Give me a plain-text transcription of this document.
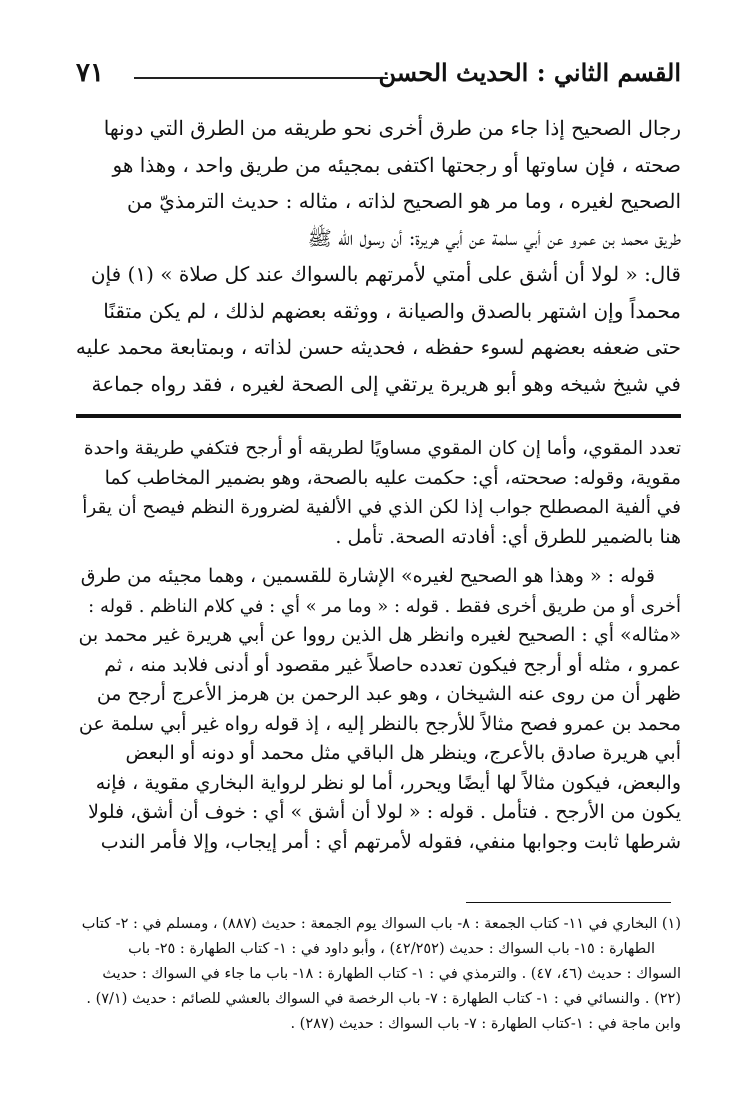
٧١	القسم الثاني : الحديث الحسن

رجال الصحيح إذا جاء من طرق أخرى نحو طريقه من الطرق التي دونها

صحته ، فإن ساوتها أو رجحتها اكتفى بمجيئه من طريق واحد ، وهذا هو

الصحيح لغيره ، وما مر هو الصحيح لذاته ، مثاله : حديث الترمذيّ من

طريق محمد بن عمرو عن أبي سلمة عن أبي هريرة: أن رسول الله ﷺ

قال: « لولا أن أشق على أمتي لأمرتهم بالسواك عند كل صلاة » (١) فإن

محمداً وإن اشتهر بالصدق والصيانة ، ووثقه بعضهم لذلك ، لم يكن متقنًا

حتى ضعفه بعضهم لسوء حفظه ، فحديثه حسن لذاته ، وبمتابعة محمد عليه

في شيخ شيخه وهو أبو هريرة يرتقي إلى الصحة لغيره ، فقد رواه جماعة

تعدد المقوي، وأما إن كان المقوي مساويًا لطريقه أو أرجح فتكفي طريقة واحدة

مقوية، وقوله: صححته، أي: حكمت عليه بالصحة، وهو بضمير المخاطب كما

في ألفية المصطلح جواب إذا لكن الذي في الألفية لضرورة النظم فيصح أن يقرأ

هنا بالضمير للطرق أي: أفادته الصحة. تأمل .

قوله : « وهذا هو الصحيح لغيره» الإشارة للقسمين ، وهما مجيئه من طرق

أخرى أو من طريق أخرى فقط . قوله : « وما مر » أي : في كلام الناظم . قوله :

«مثاله» أي : الصحيح لغيره وانظر هل الذين رووا عن أبي هريرة غير محمد بن

عمرو ، مثله أو أرجح فيكون تعدده حاصلاً غير مقصود أو أدنى فلابد منه ، ثم

ظهر أن من روى عنه الشيخان ، وهو عبد الرحمن بن هرمز الأعرج أرجح من

محمد بن عمرو فصح مثالاً للأرجح بالنظر إليه ، إذ قوله رواه غير أبي سلمة عن

أبي هريرة صادق بالأعرج، وينظر هل الباقي مثل محمد أو دونه أو البعض

والبعض، فيكون مثالاً لها أيضًا ويحرر، أما لو نظر لرواية البخاري مقوية ، فإنه

يكون من الأرجح . فتأمل . قوله : « لولا أن أشق » أي : خوف أن أشق، فلولا

شرطها ثابت وجوابها منفي، فقوله لأمرتهم أي : أمر إيجاب، وإلا فأمر الندب

(١) البخاري في ١١- كتاب الجمعة : ٨- باب السواك يوم الجمعة : حديث (٨٨٧) ، ومسلم في : ٢- كتاب

الطهارة : ١٥- باب السواك : حديث (٤٢/٢٥٢) ، وأبو داود في : ١- كتاب الطهارة : ٢٥- باب

السواك : حديث (٤٦، ٤٧) . والترمذي في : ١- كتاب الطهارة : ١٨- باب ما جاء في السواك : حديث

(٢٢) . والنسائي في : ١- كتاب الطهارة : ٧- باب الرخصة في السواك بالعشي للصائم : حديث (٧/١) .

وابن ماجة في : ١-كتاب الطهارة : ٧- باب السواك : حديث (٢٨٧) .
